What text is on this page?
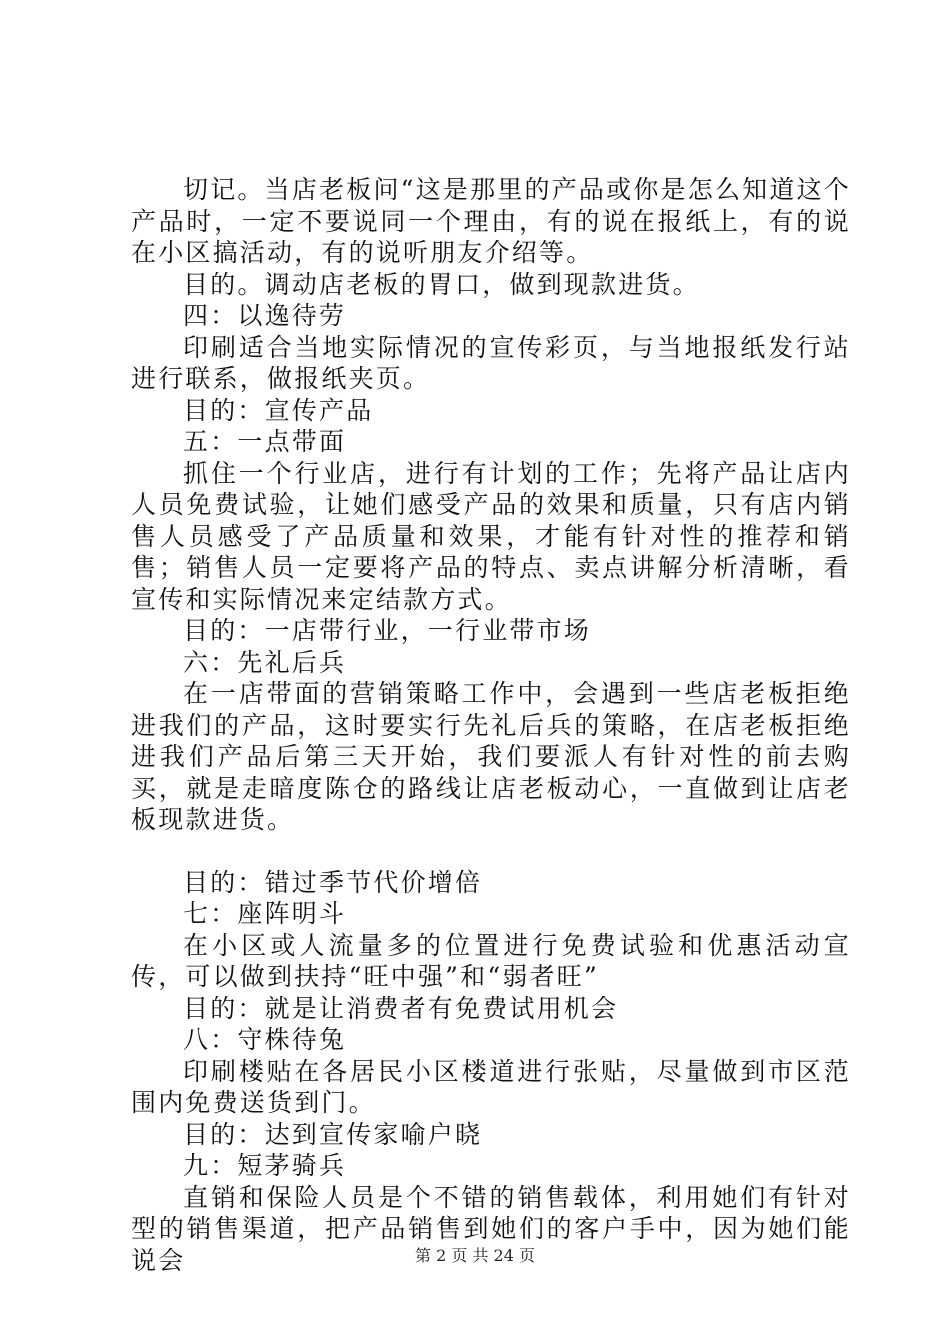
切记。当店老板问“这是那里的产品或你是怎么知道这个产品时，一定不要说同一个理由，有的说在报纸上，有的说在小区搞活动，有的说听朋友介绍等。

目的。调动店老板的胃口，做到现款进货。

四：以逸待劳

印刷适合当地实际情况的宣传彩页，与当地报纸发行站进行联系，做报纸夹页。

目的：宣传产品

五：一点带面

抓住一个行业店，进行有计划的工作；先将产品让店内人员免费试验，让她们感受产品的效果和质量，只有店内销售人员感受了产品质量和效果，才能有针对性的推荐和销售；销售人员一定要将产品的特点、卖点讲解分析清晰，看宣传和实际情况来定结款方式。

目的：一店带行业，一行业带市场

六：先礼后兵

在一店带面的营销策略工作中，会遇到一些店老板拒绝进我们的产品，这时要实行先礼后兵的策略，在店老板拒绝进我们产品后第三天开始，我们要派人有针对性的前去购买，就是走暗度陈仓的路线让店老板动心，一直做到让店老板现款进货。

目的：错过季节代价增倍

七：座阵明斗

在小区或人流量多的位置进行免费试验和优惠活动宣传，可以做到扶持“旺中强”和“弱者旺”

目的：就是让消费者有免费试用机会

八：守株待兔

印刷楼贴在各居民小区楼道进行张贴，尽量做到市区范围内免费送货到门。

目的：达到宣传家喻户晓

九：短茅骑兵

直销和保险人员是个不错的销售载体，利用她们有针对型的销售渠道，把产品销售到她们的客户手中，因为她们能说会	第 2 页 共 24 页
